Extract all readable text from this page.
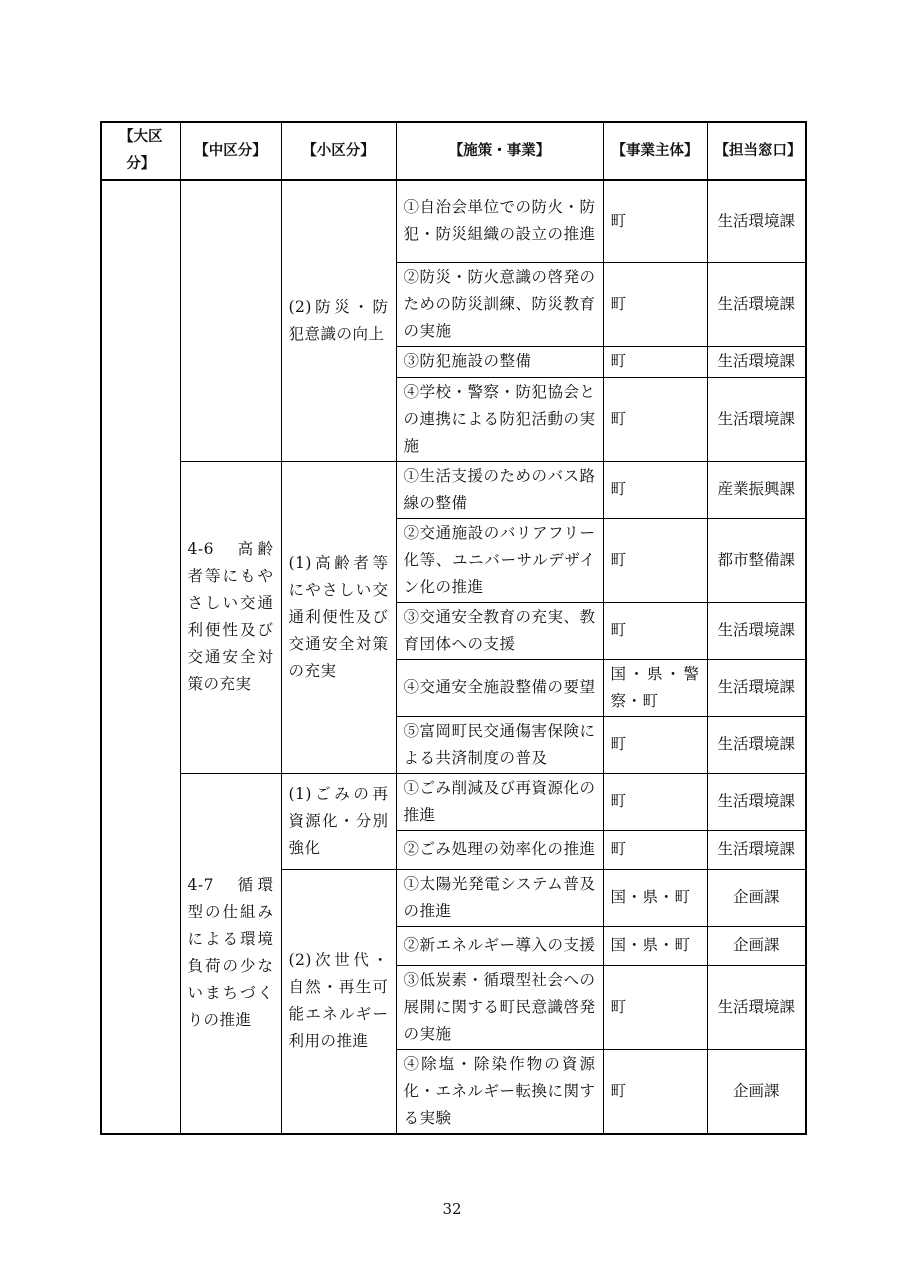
【大区分】	【中区分】	【小区分】	【施策・事業】	【事業主体】	【担当窓口】
		(2)防災・防犯意識の向上	①自治会単位での防火・防犯・防災組織の設立の推進	町	生活環境課
			②防災・防火意識の啓発のための防災訓練、防災教育の実施	町	生活環境課
			③防犯施設の整備	町	生活環境課
			④学校・警察・防犯協会との連携による防犯活動の実施	町	生活環境課
	4-6　高齢者等にもやさしい交通利便性及び交通安全対策の充実	(1)高齢者等にやさしい交通利便性及び交通安全対策の充実	①生活支援のためのバス路線の整備	町	産業振興課
			②交通施設のバリアフリー化等、ユニバーサルデザイン化の推進	町	都市整備課
			③交通安全教育の充実、教育団体への支援	町	生活環境課
			④交通安全施設整備の要望	国・県・警察・町	生活環境課
			⑤富岡町民交通傷害保険による共済制度の普及	町	生活環境課
	4-7　循環型の仕組みによる環境負荷の少ないまちづくりの推進	(1)ごみの再資源化・分別強化	①ごみ削減及び再資源化の推進	町	生活環境課
			②ごみ処理の効率化の推進	町	生活環境課
		(2)次世代・自然・再生可能エネルギー利用の推進	①太陽光発電システム普及の推進	国・県・町	企画課
			②新エネルギー導入の支援	国・県・町	企画課
			③低炭素・循環型社会への展開に関する町民意識啓発の実施	町	生活環境課
			④除塩・除染作物の資源化・エネルギー転換に関する実験	町	企画課
32
